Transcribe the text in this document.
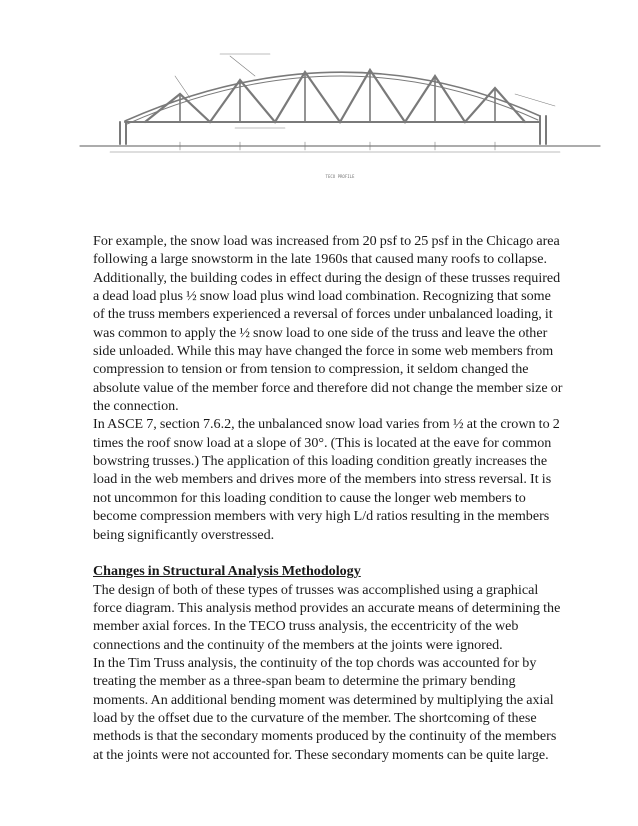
TECO PROFILE

For example, the snow load was increased from 20 psf to 25 psf in the Chicago area following a large snowstorm in the late 1960s that caused many roofs to collapse. Additionally, the building codes in effect during the design of these trusses required a dead load plus ½ snow load plus wind load combination. Recognizing that some of the truss members experienced a reversal of forces under unbalanced loading, it was common to apply the ½ snow load to one side of the truss and leave the other side unloaded. While this may have changed the force in some web members from compression to tension or from tension to compression, it seldom changed the absolute value of the member force and therefore did not change the member size or the connection.

In ASCE 7, section 7.6.2, the unbalanced snow load varies from ½ at the crown to 2 times the roof snow load at a slope of 30°. (This is located at the eave for common bowstring trusses.) The application of this loading condition greatly increases the load in the web members and drives more of the members into stress reversal. It is not uncommon for this loading condition to cause the longer web members to become compression members with very high L/d ratios resulting in the members being significantly overstressed.

Changes in Structural Analysis Methodology

The design of both of these types of trusses was accomplished using a graphical force diagram. This analysis method provides an accurate means of determining the member axial forces. In the TECO truss analysis, the eccentricity of the web connections and the continuity of the members at the joints were ignored.

In the Tim Truss analysis, the continuity of the top chords was accounted for by treating the member as a three-span beam to determine the primary bending moments. An additional bending moment was determined by multiplying the axial load by the offset due to the curvature of the member. The shortcoming of these methods is that the secondary moments produced by the continuity of the members at the joints were not accounted for. These secondary moments can be quite large.
